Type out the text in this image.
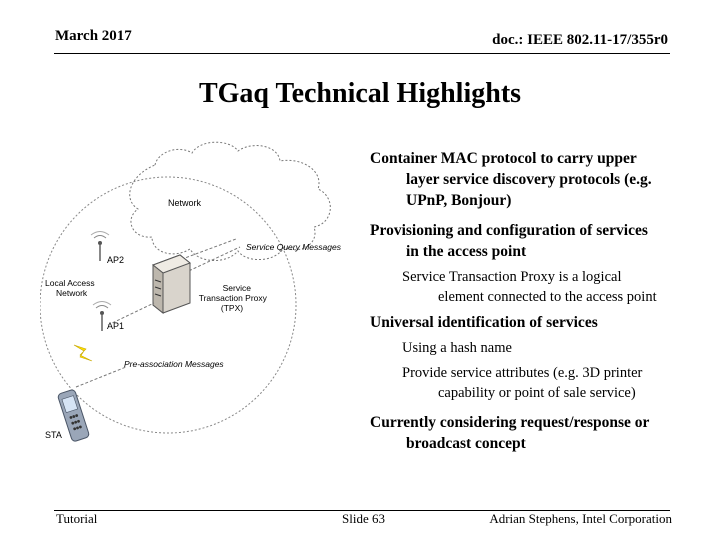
March 2017	doc.: IEEE 802.11-17/355r0
TGaq Technical Highlights
Network
Service Query Messages
AP2
Local Access Network	Service Transaction Proxy (TPX)
AP1
Pre-association Messages
STA
Container MAC protocol to carry upper
layer service discovery protocols (e.g.
UPnP, Bonjour)
Provisioning and configuration of services
in the access point
Service Transaction Proxy is a logical
element connected to the access point
Universal identification of services
Using a hash name
Provide service attributes (e.g. 3D printer
capability or point of sale service)
Currently considering request/response or
broadcast concept
Tutorial	Slide 63	Adrian Stephens, Intel Corporation
